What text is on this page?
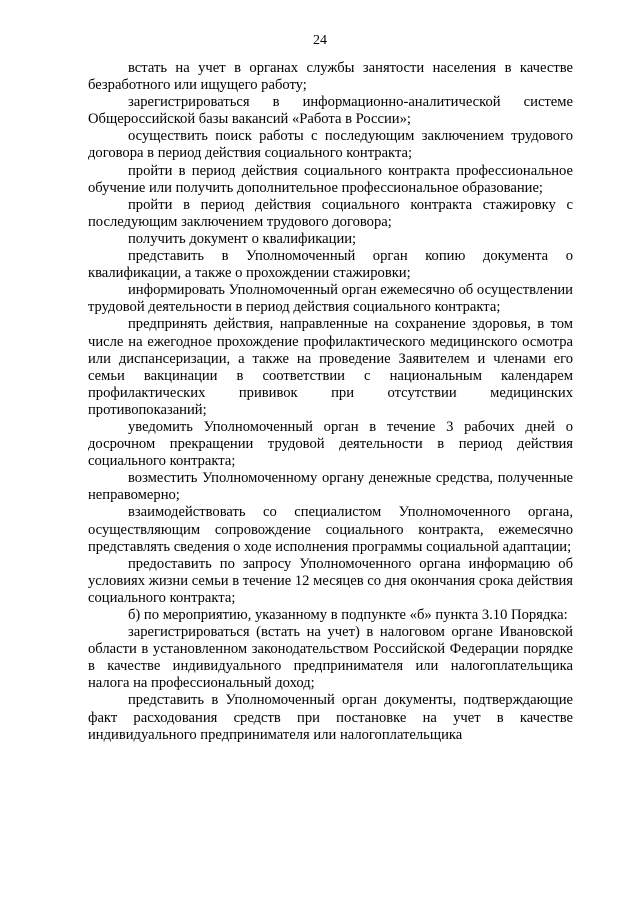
24

встать на учет в органах службы занятости населения в качестве безработного или ищущего работу;

зарегистрироваться в информационно-аналитической системе Общероссийской базы вакансий «Работа в России»;

осуществить поиск работы с последующим заключением трудового договора в период действия социального контракта;

пройти в период действия социального контракта профессиональное обучение или получить дополнительное профессиональное образование;

пройти в период действия социального контракта стажировку с последующим заключением трудового договора;

получить документ о квалификации;

представить в Уполномоченный орган копию документа о квалификации, а также о прохождении стажировки;

информировать Уполномоченный орган ежемесячно об осуществлении трудовой деятельности в период действия социального контракта;

предпринять действия, направленные на сохранение здоровья, в том числе на ежегодное прохождение профилактического медицинского осмотра или диспансеризации, а также на проведение Заявителем и членами его семьи вакцинации в соответствии с национальным календарем профилактических прививок при отсутствии медицинских противопоказаний;

уведомить Уполномоченный орган в течение 3 рабочих дней о досрочном прекращении трудовой деятельности в период действия социального контракта;

возместить Уполномоченному органу денежные средства, полученные неправомерно;

взаимодействовать со специалистом Уполномоченного органа, осуществляющим сопровождение социального контракта, ежемесячно представлять сведения о ходе исполнения программы социальной адаптации;

предоставить по запросу Уполномоченного органа информацию об условиях жизни семьи в течение 12 месяцев со дня окончания срока действия социального контракта;

б) по мероприятию, указанному в подпункте «б» пункта 3.10 Порядка:

зарегистрироваться (встать на учет) в налоговом органе Ивановской области в установленном законодательством Российской Федерации порядке в качестве индивидуального предпринимателя или налогоплательщика налога на профессиональный доход;

представить в Уполномоченный орган документы, подтверждающие факт расходования средств при постановке на учет в качестве индивидуального предпринимателя или налогоплательщика
